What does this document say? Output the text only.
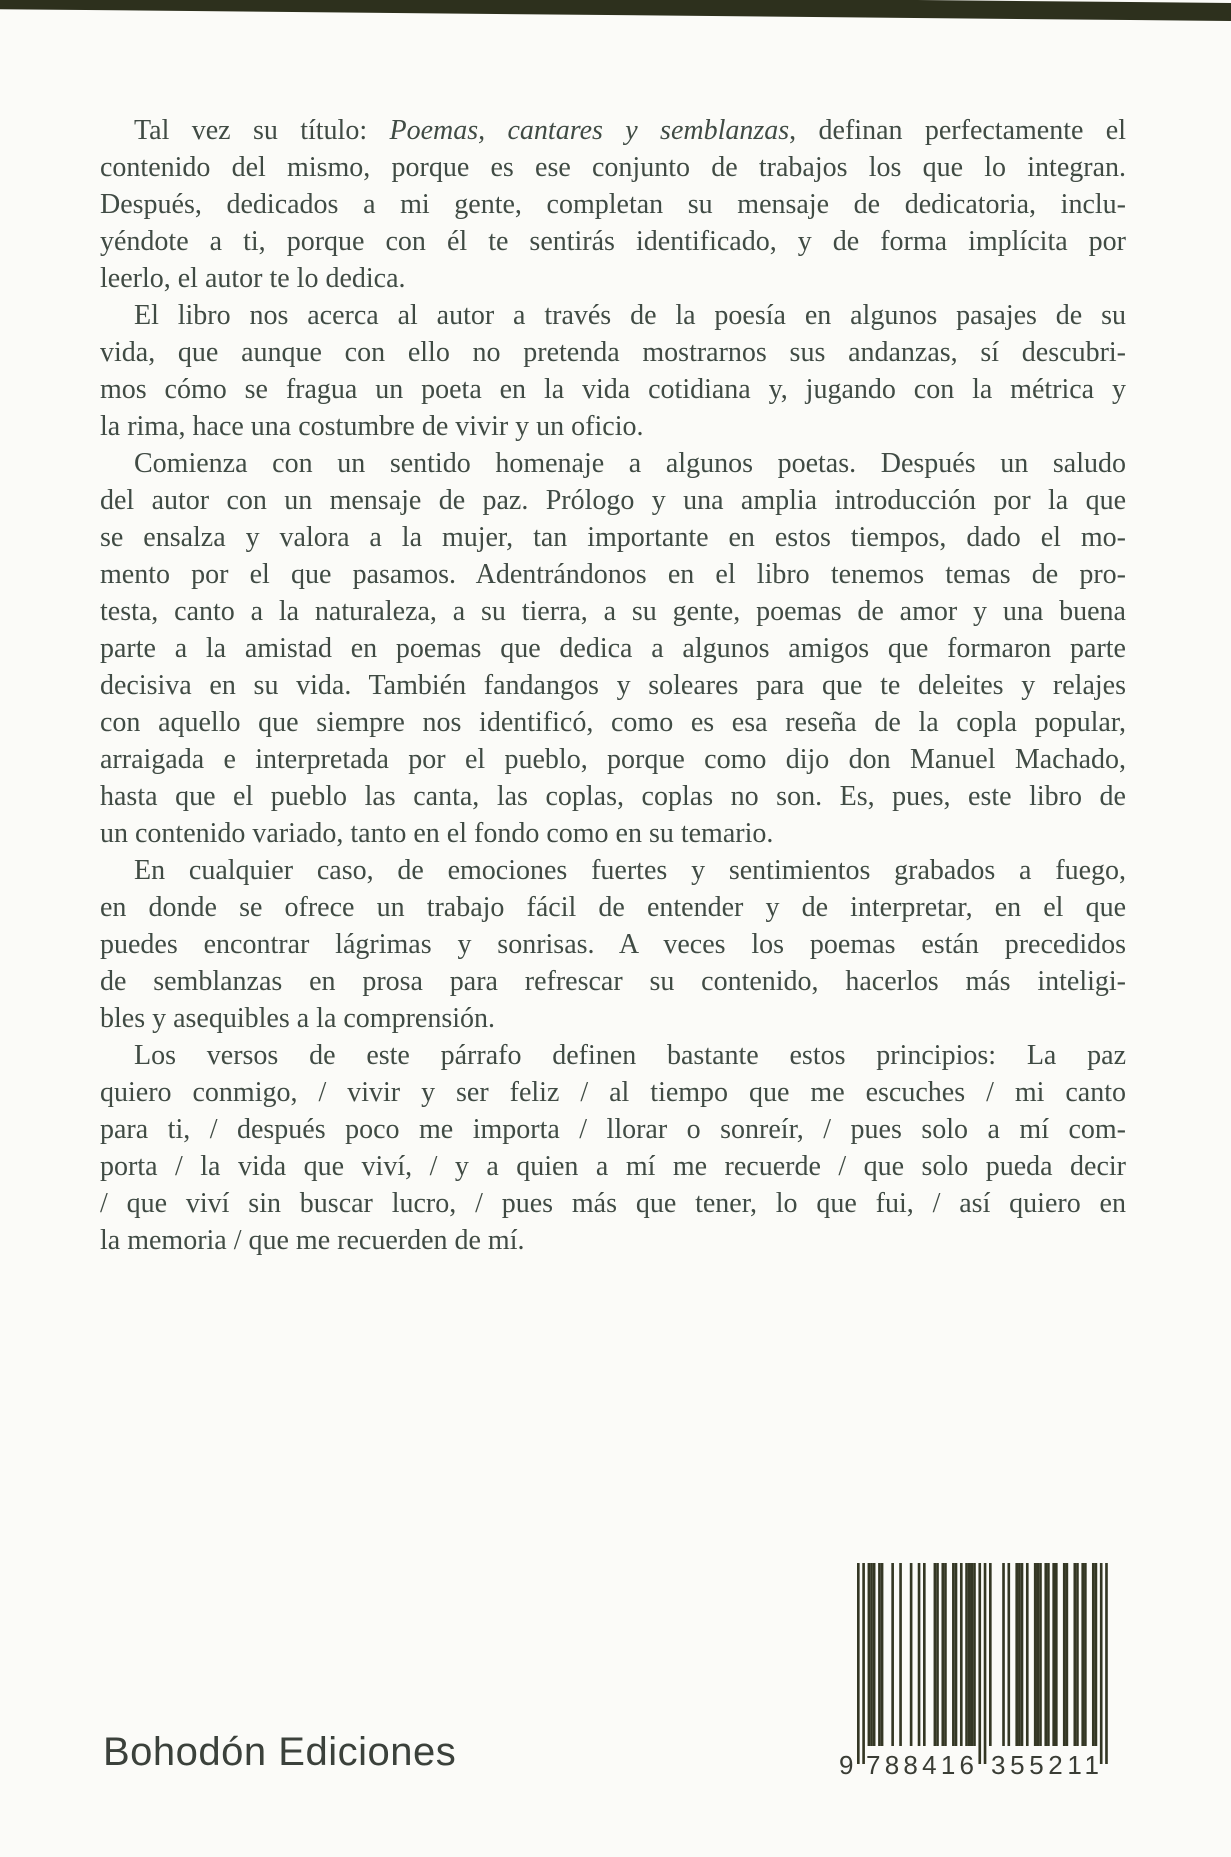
Tal vez su título: Poemas, cantares y semblanzas, definan perfectamente el
contenido del mismo, porque es ese conjunto de trabajos los que lo integran.
Después, dedicados a mi gente, completan su mensaje de dedicatoria, inclu-
yéndote a ti, porque con él te sentirás identificado, y de forma implícita por
leerlo, el autor te lo dedica.
El libro nos acerca al autor a través de la poesía en algunos pasajes de su
vida, que aunque con ello no pretenda mostrarnos sus andanzas, sí descubri-
mos cómo se fragua un poeta en la vida cotidiana y, jugando con la métrica y
la rima, hace una costumbre de vivir y un oficio.
Comienza con un sentido homenaje a algunos poetas. Después un saludo
del autor con un mensaje de paz. Prólogo y una amplia introducción por la que
se ensalza y valora a la mujer, tan importante en estos tiempos, dado el mo-
mento por el que pasamos. Adentrándonos en el libro tenemos temas de pro-
testa, canto a la naturaleza, a su tierra, a su gente, poemas de amor y una buena
parte a la amistad en poemas que dedica a algunos amigos que formaron parte
decisiva en su vida. También fandangos y soleares para que te deleites y relajes
con aquello que siempre nos identificó, como es esa reseña de la copla popular,
arraigada e interpretada por el pueblo, porque como dijo don Manuel Machado,
hasta que el pueblo las canta, las coplas, coplas no son. Es, pues, este libro de
un contenido variado, tanto en el fondo como en su temario.
En cualquier caso, de emociones fuertes y sentimientos grabados a fuego,
en donde se ofrece un trabajo fácil de entender y de interpretar, en el que
puedes encontrar lágrimas y sonrisas. A veces los poemas están precedidos
de semblanzas en prosa para refrescar su contenido, hacerlos más inteligi-
bles y asequibles a la comprensión.
Los versos de este párrafo definen bastante estos principios: La paz
quiero conmigo, / vivir y ser feliz / al tiempo que me escuches / mi canto
para ti, / después poco me importa / llorar o sonreír, / pues solo a mí com-
porta / la vida que viví, / y a quien a mí me recuerde / que solo pueda decir
/ que viví sin buscar lucro, / pues más que tener, lo que fui, / así quiero en
la memoria / que me recuerden de mí.
Bohodón Ediciones	9 788416 355211
